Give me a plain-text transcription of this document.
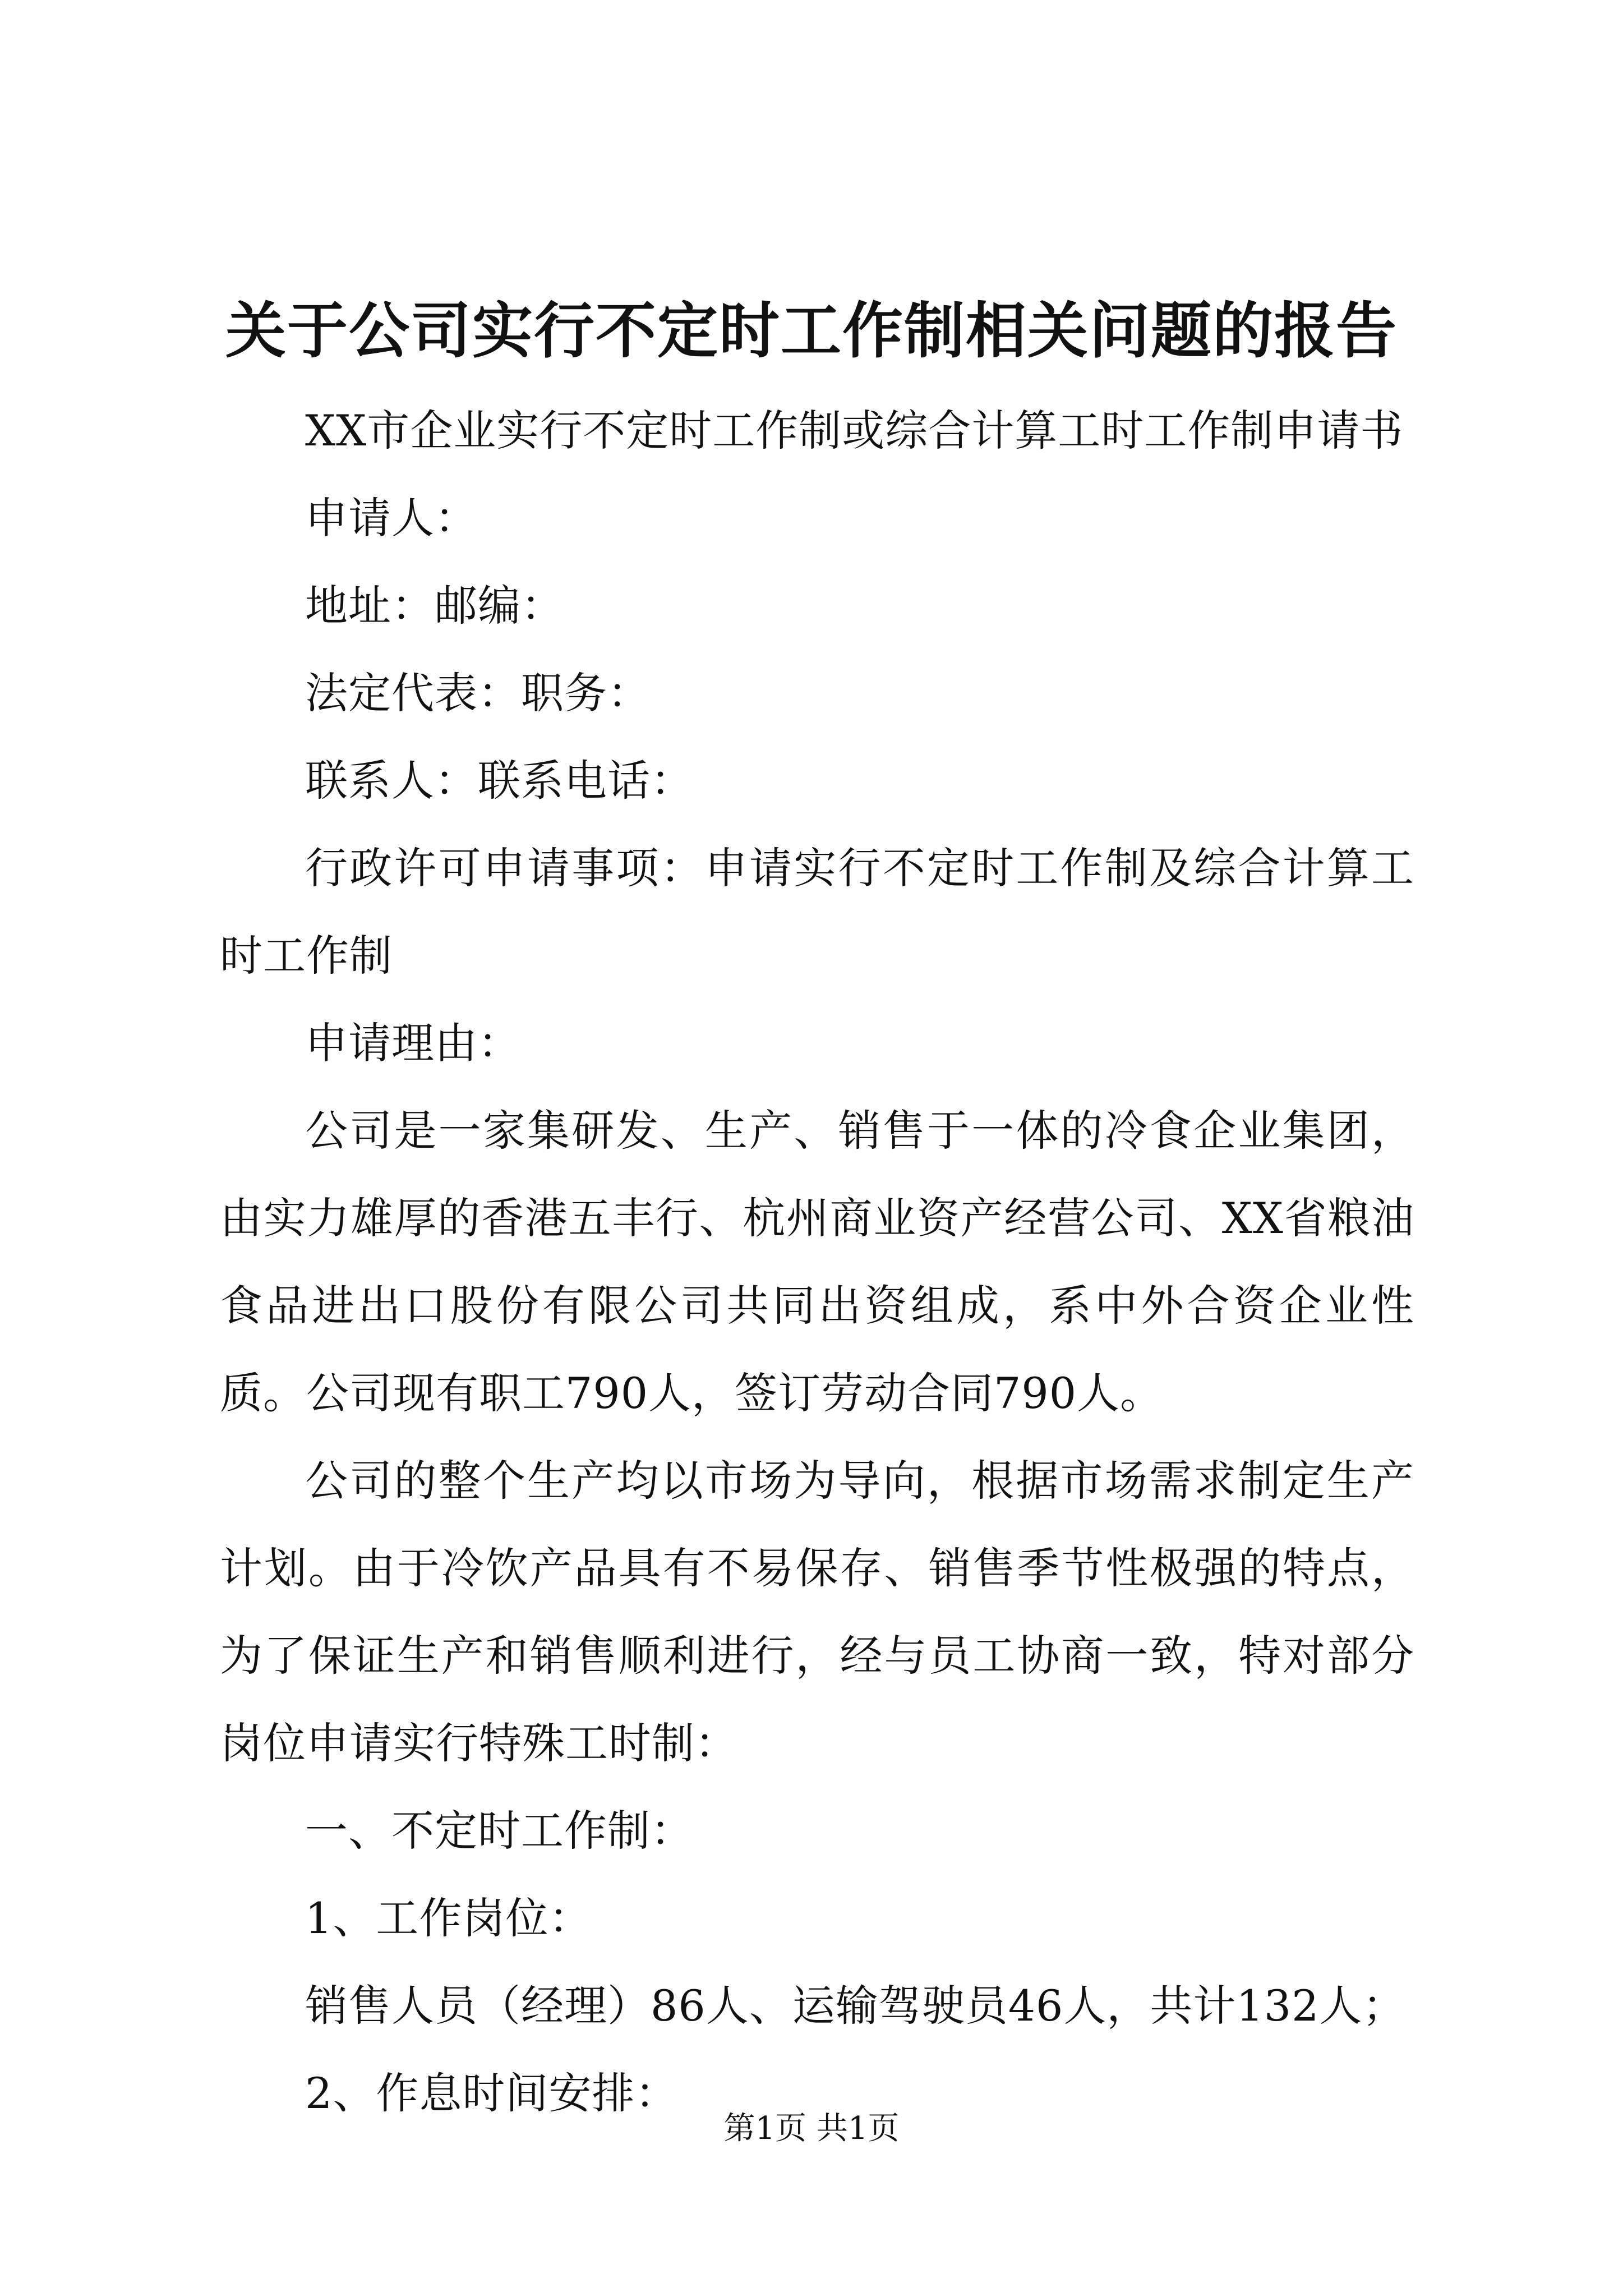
关于公司实行不定时工作制相关问题的报告

XX市企业实行不定时工作制或综合计算工时工作制申请书

申请人：

地址：邮编：

法定代表：职务：

联系人：联系电话：

行政许可申请事项：申请实行不定时工作制及综合计算工时工作制

申请理由：

公司是一家集研发、生产、销售于一体的冷食企业集团，由实力雄厚的香港五丰行、杭州商业资产经营公司、XX省粮油食品进出口股份有限公司共同出资组成，系中外合资企业性质。公司现有职工790人，签订劳动合同790人。

公司的整个生产均以市场为导向，根据市场需求制定生产计划。由于冷饮产品具有不易保存、销售季节性极强的特点，为了保证生产和销售顺利进行，经与员工协商一致，特对部分岗位申请实行特殊工时制：

一、不定时工作制：

1、工作岗位：

销售人员（经理）86人、运输驾驶员46人，共计132人；

2、作息时间安排：

第1页 共1页
